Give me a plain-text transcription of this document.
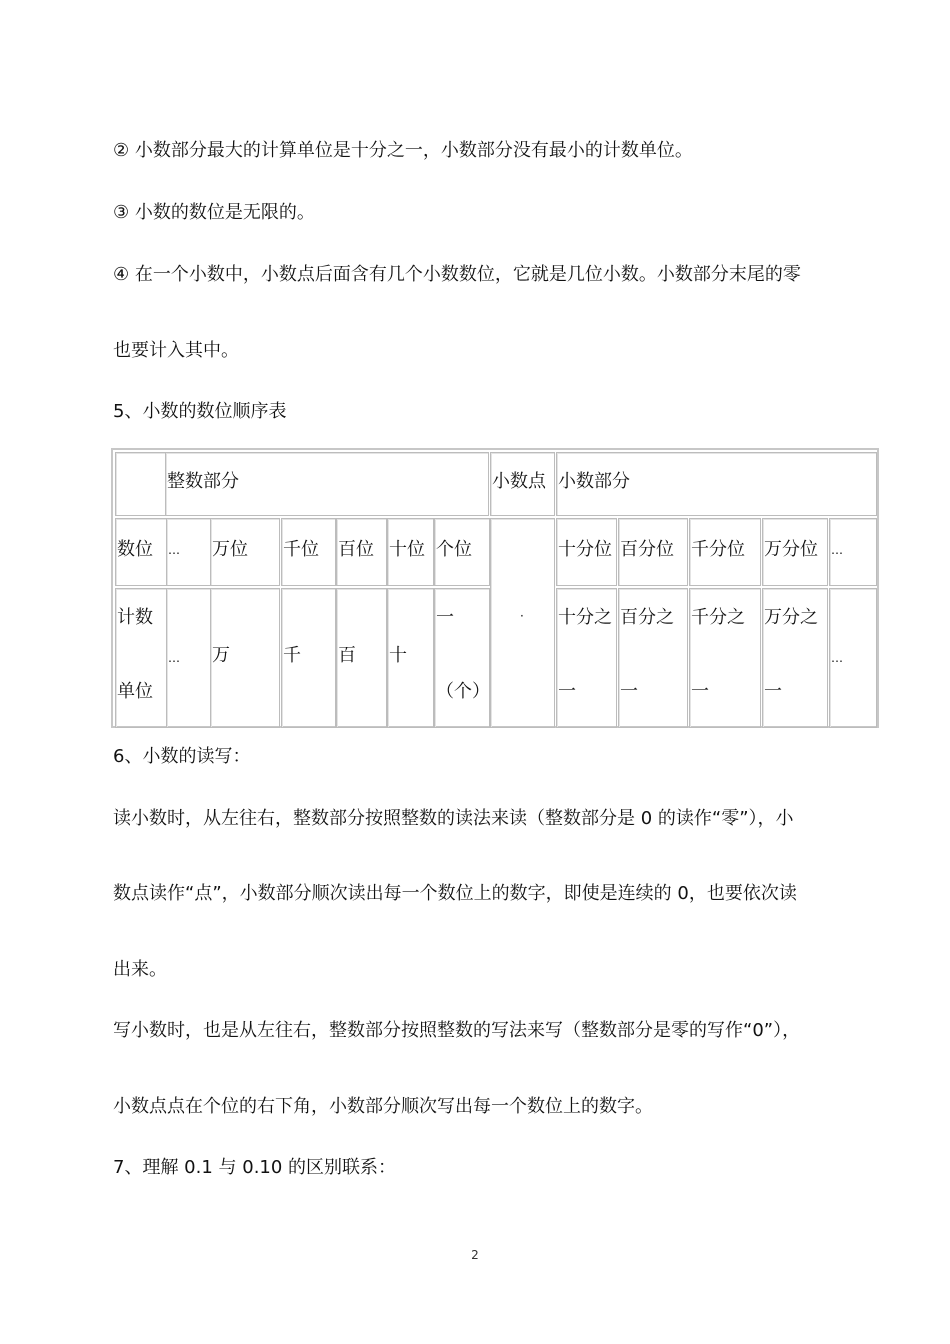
② 小数部分最大的计算单位是十分之一，小数部分没有最小的计数单位。
③ 小数的数位是无限的。
④ 在一个小数中，小数点后面含有几个小数数位，它就是几位小数。小数部分末尾的零
也要计入其中。
5、小数的数位顺序表
整数部分	小数点 小数部分
数位 … 万位 千位 百位 十位 个位
·
十分位 百分位 千分位 万分位 …
计数
单位
… 万	千 百 十
一
（个）
十分之
一
百分之
一
千分之
一
万分之
一
…
6、小数的读写：
读小数时，从左往右，整数部分按照整数的读法来读（整数部分是 0 的读作“零”），小
数点读作“点”，小数部分顺次读出每一个数位上的数字，即使是连续的 0，也要依次读
出来。
写小数时，也是从左往右，整数部分按照整数的写法来写（整数部分是零的写作“0”），
小数点点在个位的右下角，小数部分顺次写出每一个数位上的数字。
7、理解 0.1 与 0.10 的区别联系：
2
